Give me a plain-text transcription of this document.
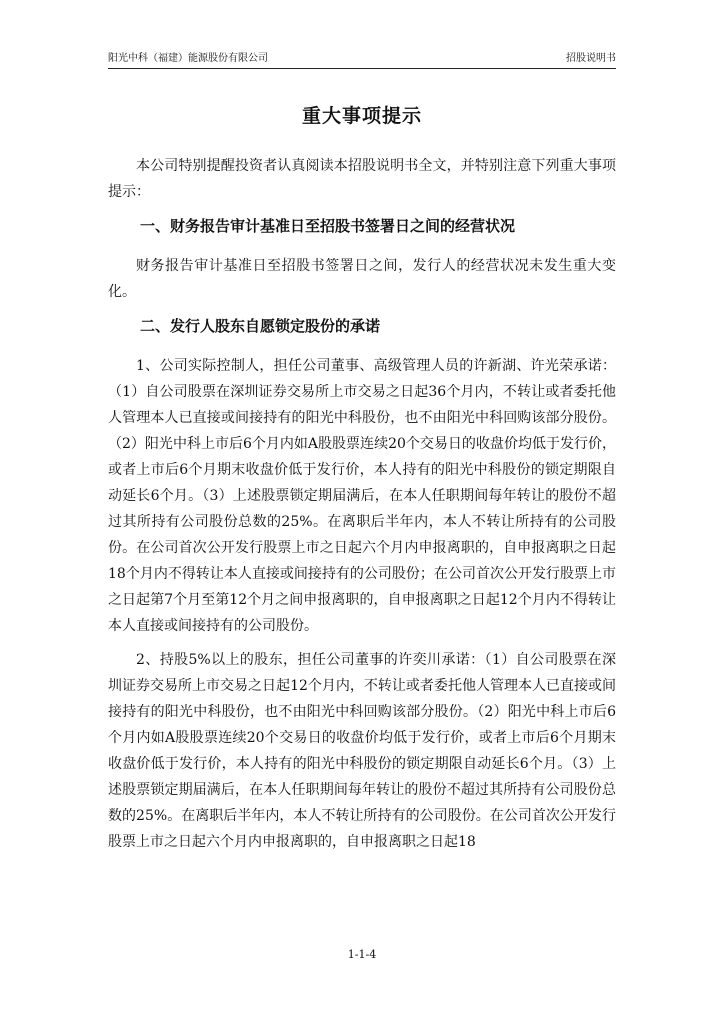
阳光中科（福建）能源股份有限公司	招股说明书
重大事项提示

本公司特别提醒投资者认真阅读本招股说明书全文，并特别注意下列重大事项提示：

一、财务报告审计基准日至招股书签署日之间的经营状况

财务报告审计基准日至招股书签署日之间，发行人的经营状况未发生重大变化。

二、发行人股东自愿锁定股份的承诺

1、公司实际控制人，担任公司董事、高级管理人员的许新湖、许光荣承诺：（1）自公司股票在深圳证券交易所上市交易之日起36个月内，不转让或者委托他人管理本人已直接或间接持有的阳光中科股份，也不由阳光中科回购该部分股份。（2）阳光中科上市后6个月内如A股股票连续20个交易日的收盘价均低于发行价，或者上市后6个月期末收盘价低于发行价，本人持有的阳光中科股份的锁定期限自动延长6个月。（3）上述股票锁定期届满后，在本人任职期间每年转让的股份不超过其所持有公司股份总数的25%。在离职后半年内，本人不转让所持有的公司股份。在公司首次公开发行股票上市之日起六个月内申报离职的，自申报离职之日起18个月内不得转让本人直接或间接持有的公司股份；在公司首次公开发行股票上市之日起第7个月至第12个月之间申报离职的，自申报离职之日起12个月内不得转让本人直接或间接持有的公司股份。

2、持股5%以上的股东，担任公司董事的许奕川承诺：（1）自公司股票在深圳证券交易所上市交易之日起12个月内，不转让或者委托他人管理本人已直接或间接持有的阳光中科股份，也不由阳光中科回购该部分股份。（2）阳光中科上市后6个月内如A股股票连续20个交易日的收盘价均低于发行价，或者上市后6个月期末收盘价低于发行价，本人持有的阳光中科股份的锁定期限自动延长6个月。（3）上述股票锁定期届满后，在本人任职期间每年转让的股份不超过其所持有公司股份总数的25%。在离职后半年内，本人不转让所持有的公司股份。在公司首次公开发行股票上市之日起六个月内申报离职的，自申报离职之日起18

1-1-4
